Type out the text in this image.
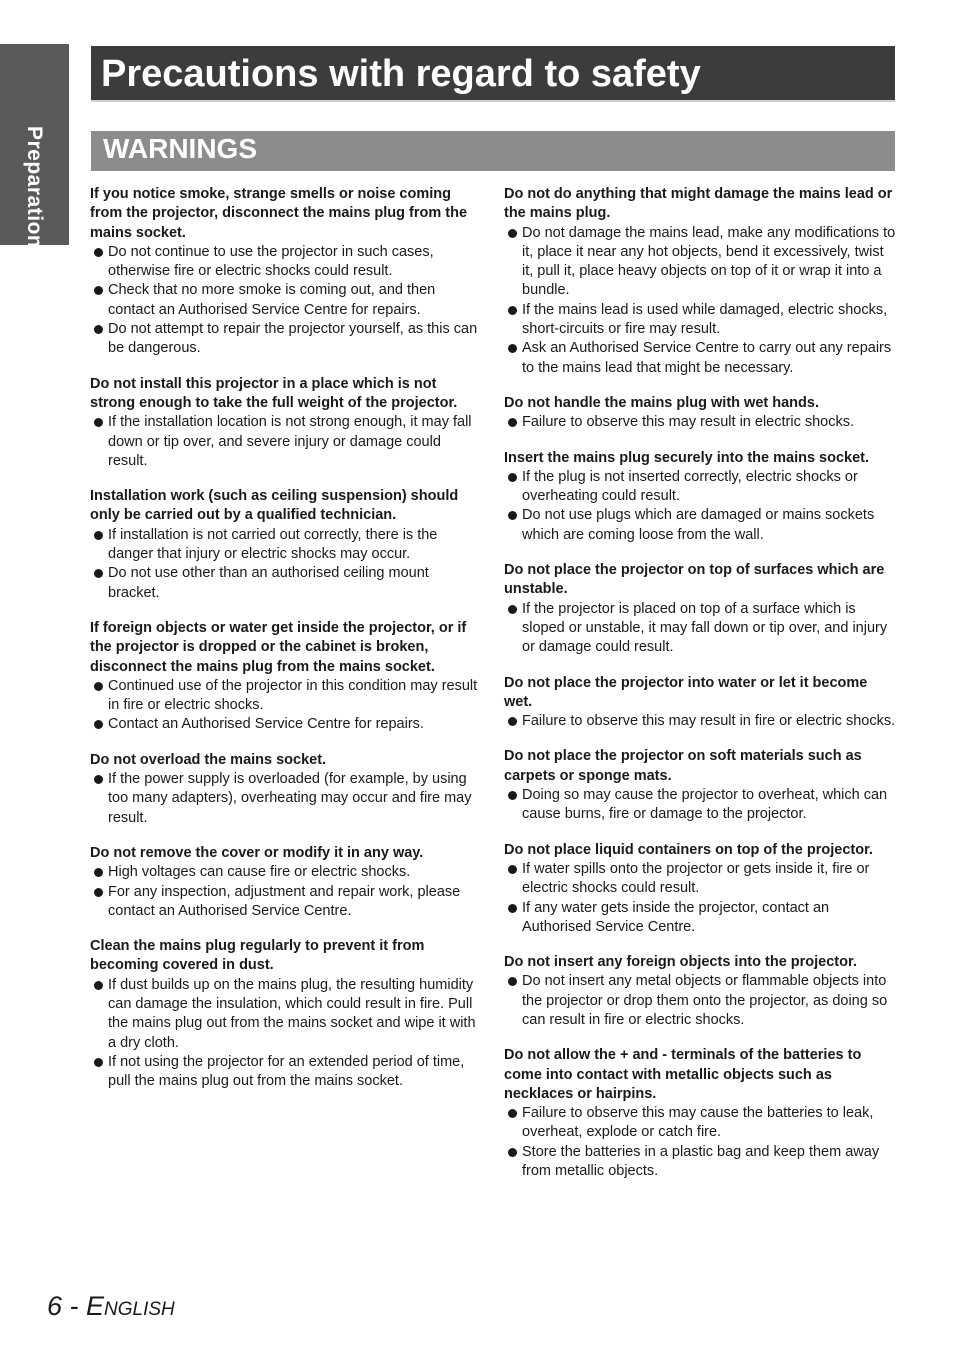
Preparation
Precautions with regard to safety
WARNINGS

If you notice smoke, strange smells or noise coming from the projector, disconnect the mains plug from the mains socket.

Do not continue to use the projector in such cases, otherwise fire or electric shocks could result.
Check that no more smoke is coming out, and then contact an Authorised Service Centre for repairs.
Do not attempt to repair the projector yourself, as this can be dangerous.

Do not install this projector in a place which is not strong enough to take the full weight of the projector.

If the installation location is not strong enough, it may fall down or tip over, and severe injury or damage could result.

Installation work (such as ceiling suspension) should only be carried out by a qualified technician.

If installation is not carried out correctly, there is the danger that injury or electric shocks may occur.
Do not use other than an authorised ceiling mount bracket.

If foreign objects or water get inside the projector, or if the projector is dropped or the cabinet is broken, disconnect the mains plug from the mains socket.

Continued use of the projector in this condition may result in fire or electric shocks.
Contact an Authorised Service Centre for repairs.

Do not overload the mains socket.

If the power supply is overloaded (for example, by using too many adapters), overheating may occur and fire may result.

Do not remove the cover or modify it in any way.

High voltages can cause fire or electric shocks.
For any inspection, adjustment and repair work, please contact an Authorised Service Centre.

Clean the mains plug regularly to prevent it from becoming covered in dust.

If dust builds up on the mains plug, the resulting humidity can damage the insulation, which could result in fire. Pull the mains plug out from the mains socket and wipe it with a dry cloth.
If not using the projector for an extended period of time, pull the mains plug out from the mains socket.

Do not do anything that might damage the mains lead or the mains plug.

Do not damage the mains lead, make any modifications to it, place it near any hot objects, bend it excessively, twist it, pull it, place heavy objects on top of it or wrap it into a bundle.
If the mains lead is used while damaged, electric shocks, short-circuits or fire may result.
Ask an Authorised Service Centre to carry out any repairs to the mains lead that might be necessary.

Do not handle the mains plug with wet hands.

Failure to observe this may result in electric shocks.

Insert the mains plug securely into the mains socket.

If the plug is not inserted correctly, electric shocks or overheating could result.
Do not use plugs which are damaged or mains sockets which are coming loose from the wall.

Do not place the projector on top of surfaces which are unstable.

If the projector is placed on top of a surface which is sloped or unstable, it may fall down or tip over, and injury or damage could result.

Do not place the projector into water or let it become wet.

Failure to observe this may result in fire or electric shocks.

Do not place the projector on soft materials such as carpets or sponge mats.

Doing so may cause the projector to overheat, which can cause burns, fire or damage to the projector.

Do not place liquid containers on top of the projector.

If water spills onto the projector or gets inside it, fire or electric shocks could result.
If any water gets inside the projector, contact an Authorised Service Centre.

Do not insert any foreign objects into the projector.

Do not insert any metal objects or flammable objects into the projector or drop them onto the projector, as doing so can result in fire or electric shocks.

Do not allow the + and - terminals of the batteries to come into contact with metallic objects such as necklaces or hairpins.

Failure to observe this may cause the batteries to leak, overheat, explode or catch fire.
Store the batteries in a plastic bag and keep them away from metallic objects.
6 - English
